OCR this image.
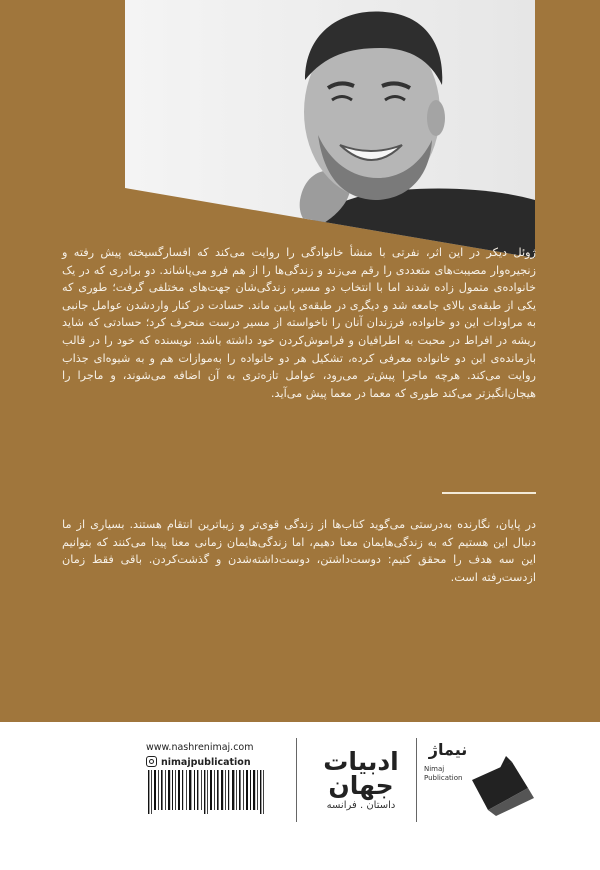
ژوئل دیکر در این اثر، نفرتی با منشأ خانوادگی را روایت می‌کند که افسارگسیخته پیش رفته و زنجیره‌وار مصیبت‌های متعددی را رقم می‌زند و زندگی‌ها را از هم فرو می‌پاشاند. دو برادری که در یک خانواده‌ی متمول زاده شدند اما با انتخاب دو مسیر، زندگی‌شان جهت‌های مختلفی گرفت؛ طوری که یکی از طبقه‌ی بالای جامعه شد و دیگری در طبقه‌ی پایین ماند. حسادت در کنار واردشدن عوامل جانبی به مراودات این دو خانواده، فرزندان آنان را ناخواسته از مسیر درست منحرف کرد؛ حسادتی که شاید ریشه در افراط در محبت به اطرافیان و فراموش‌کردن خود داشته باشد. نویسنده که خود را در قالب بازمانده‌ی این دو خانواده معرفی کرده، تشکیل هر دو خانواده را به‌موازات هم و به شیوه‌ای جذاب روایت می‌کند. هرچه ماجرا پیش‌تر می‌رود، عوامل تازه‌تری به آن اضافه می‌شوند، و ماجرا را هیجان‌انگیزتر می‌کند طوری که معما در معما پیش می‌آید.

در پایان، نگارنده به‌درستی می‌گوید کتاب‌ها از زندگی قوی‌تر و زیباترین انتقام هستند. بسیاری از ما دنبال این هستیم که به زندگی‌هایمان معنا دهیم، اما زندگی‌هایمان زمانی معنا پیدا می‌کنند که بتوانیم این سه هدف را محقق کنیم: دوست‌داشتن، دوست‌داشته‌شدن و گذشت‌کردن. باقی فقط زمان ازدست‌رفته است.

www.nashrenimaj.com
nimajpublication	ادبیات جهان
داستان . فرانسه
نیماژ
Nimaj
Publication
